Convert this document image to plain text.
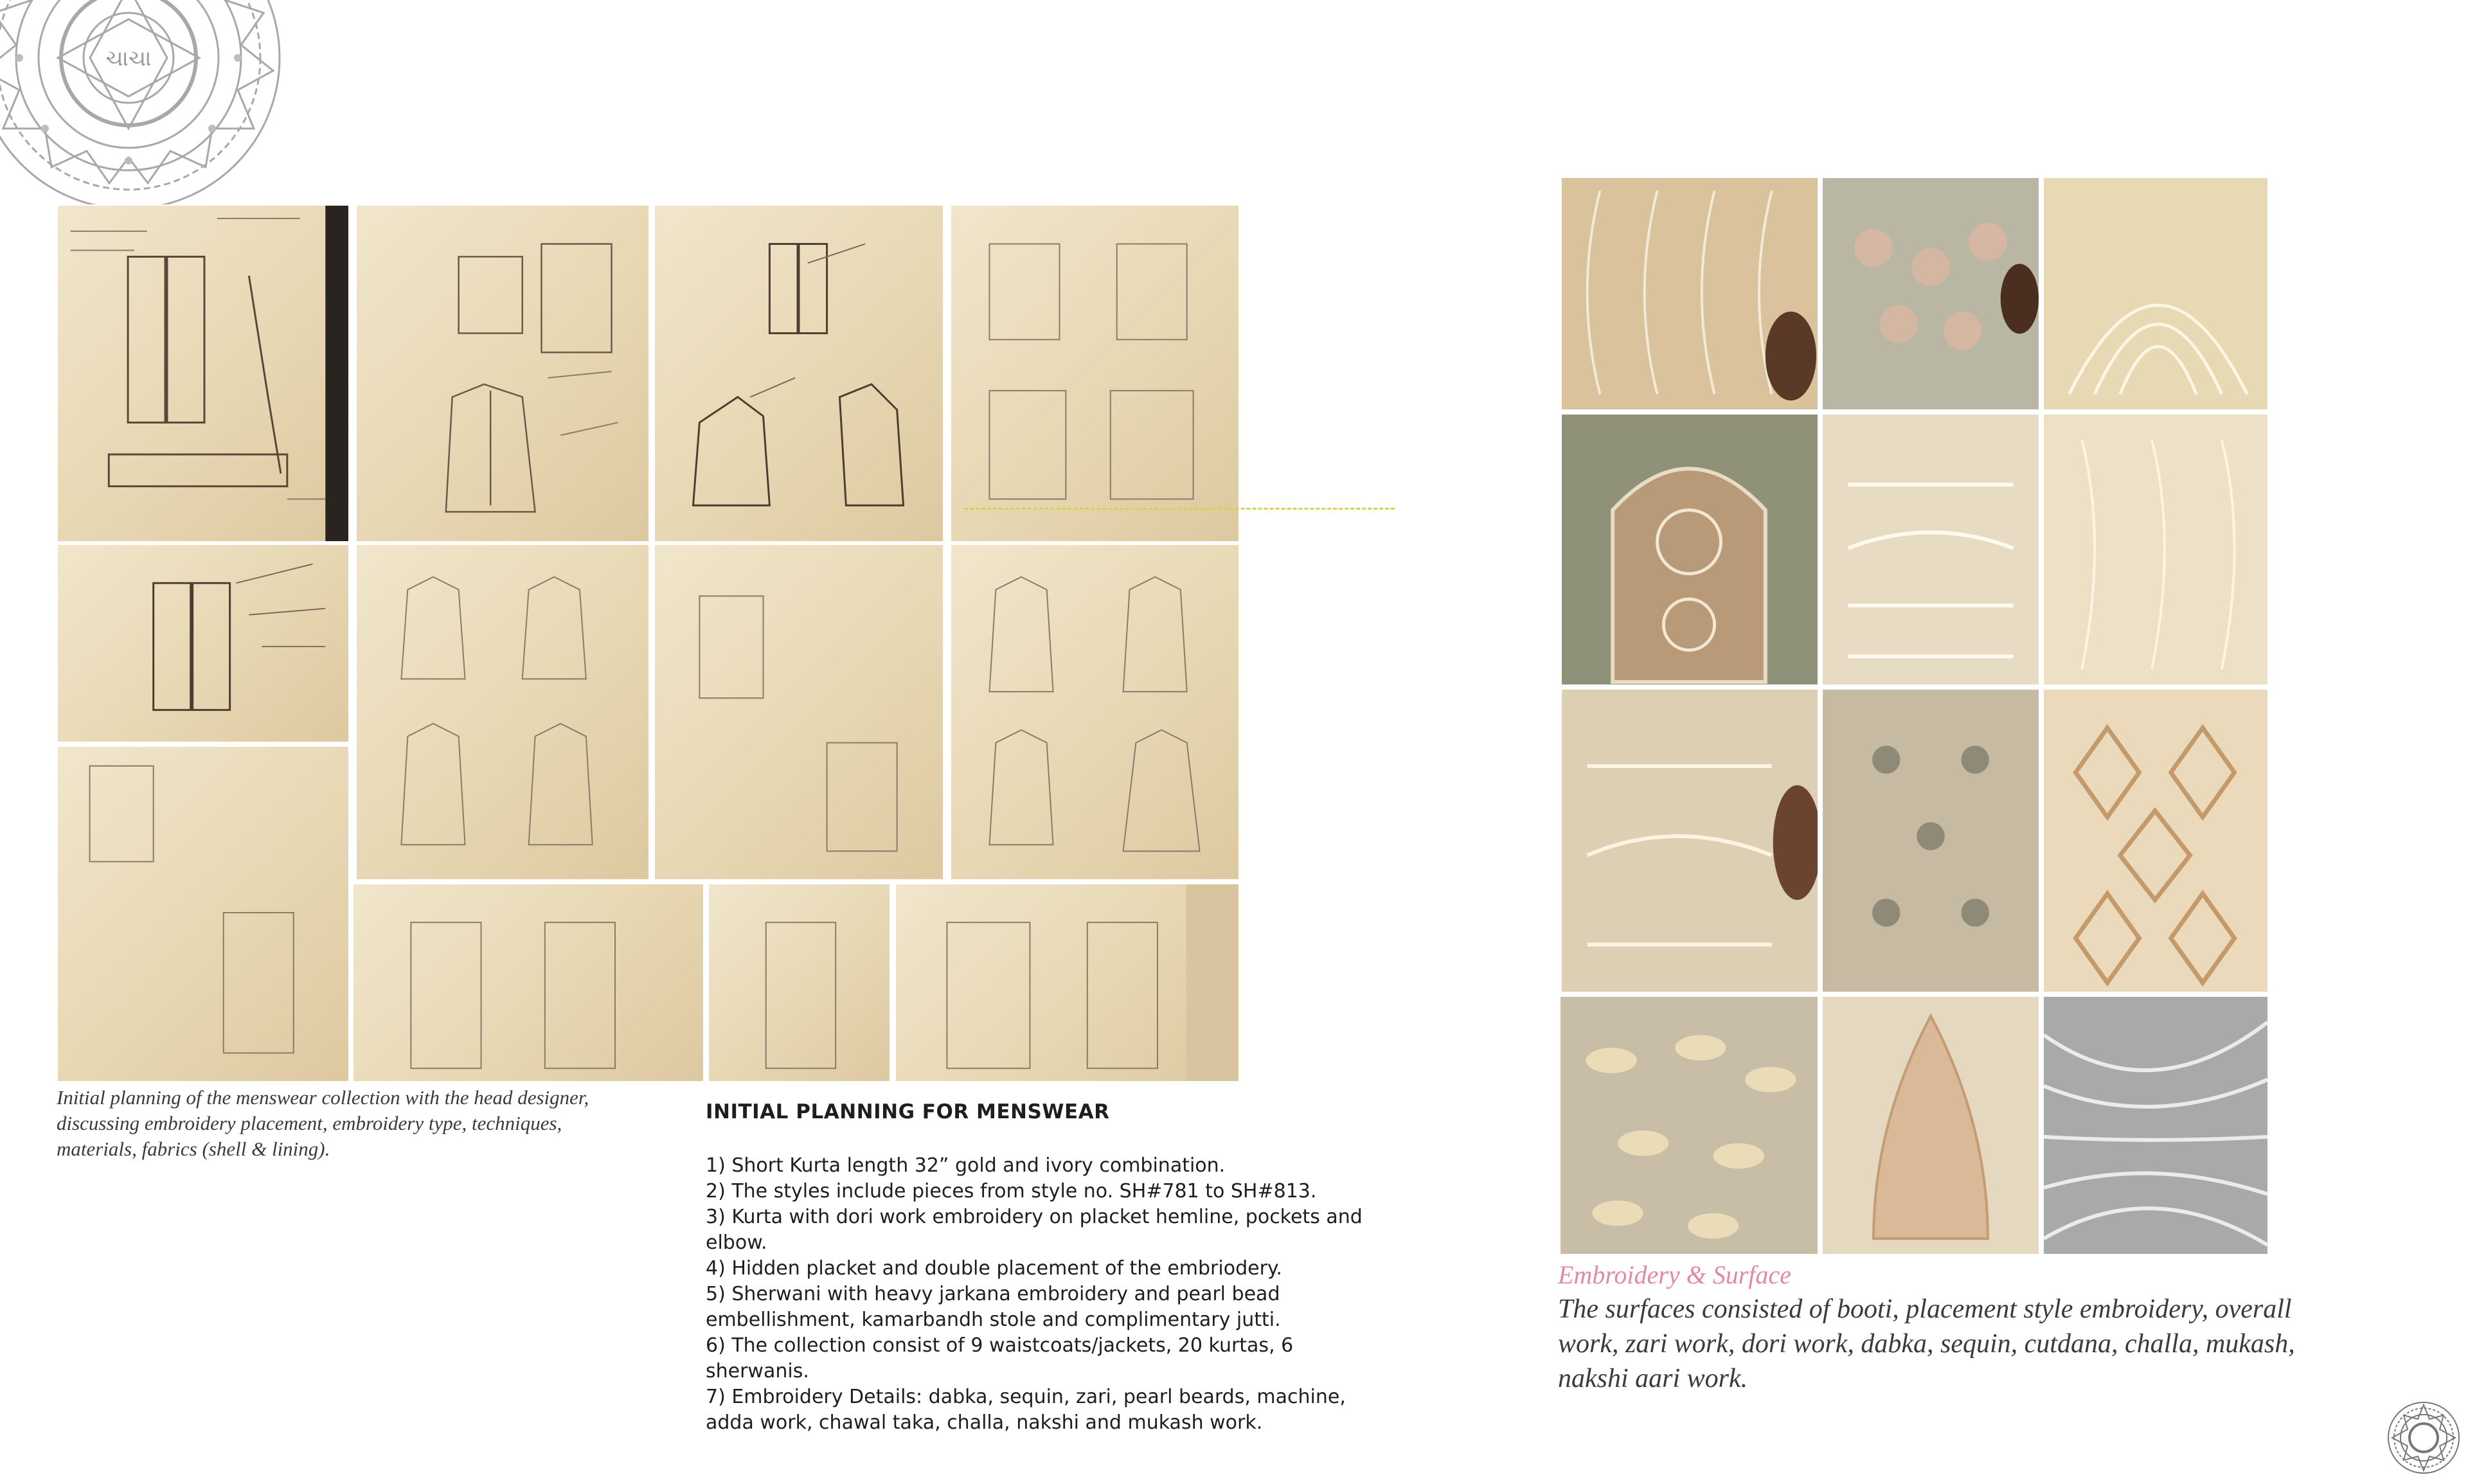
ચાચા
Initial planning of the menswear collection with the head designer, discussing embroidery placement, embroidery type, techniques, materials, fabrics (shell & lining).
INITIAL PLANNING FOR MENSWEAR

1) Short Kurta length 32” gold and ivory combination.

2) The styles include pieces from style no. SH#781 to SH#813.

3) Kurta with dori work embroidery on placket hemline, pockets and elbow.

4) Hidden placket and double placement of the embriodery.

5) Sherwani with heavy jarkana embroidery and pearl bead embellishment, kamarbandh stole and complimentary jutti.

6) The collection consist of 9 waistcoats/jackets, 20 kurtas, 6 sherwanis.

7) Embroidery Details: dabka, sequin, zari, pearl beards, machine, adda work, chawal taka, challa, nakshi and mukash work.

Embroidery & Surface
The surfaces consisted of booti, placement style embroidery, overall work, zari work, dori work, dabka, sequin, cutdana, challa, mukash, nakshi aari work.
